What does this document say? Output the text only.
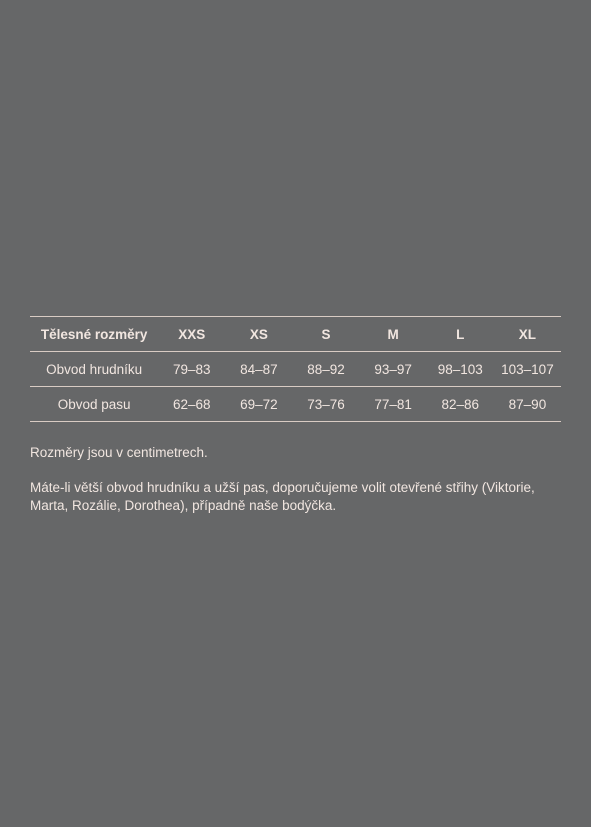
Tělesné rozměry	XXS	XS	S	M	L	XL
Obvod hrudníku	79–83	84–87	88–92	93–97	98–103	103–107
Obvod pasu	62–68	69–72	73–76	77–81	82–86	87–90

Rozměry jsou v centimetrech.

Máte-li větší obvod hrudníku a užší pas, doporučujeme volit otevřené střihy (Viktorie, Marta, Rozálie, Dorothea), případně naše bodýčka.
